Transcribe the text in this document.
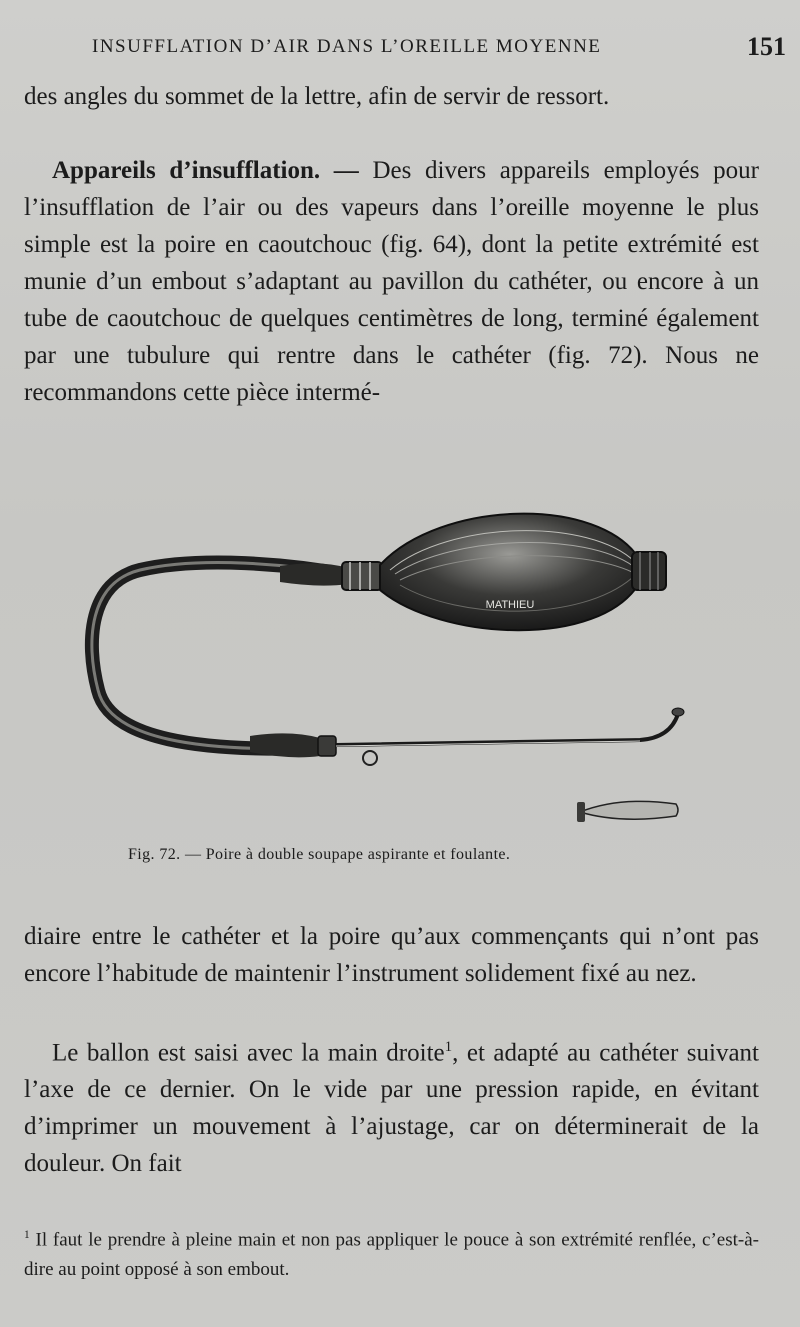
INSUFFLATION D’AIR DANS L’OREILLE MOYENNE	151
des angles du sommet de la lettre, afin de servir de ressort.
Appareils d’insufflation. — Des divers appareils employés pour l’insufflation de l’air ou des vapeurs dans l’oreille moyenne le plus simple est la poire en caoutchouc (fig. 64), dont la petite extrémité est munie d’un embout s’adaptant au pavillon du cathéter, ou encore à un tube de caoutchouc de quelques centimètres de long, terminé également par une tubulure qui rentre dans le cathéter (fig. 72). Nous ne recommandons cette pièce intermé-
MATHIEU
Fig. 72. — Poire à double soupape aspirante et foulante.
diaire entre le cathéter et la poire qu’aux commençants qui n’ont pas encore l’habitude de maintenir l’instrument solidement fixé au nez.
Le ballon est saisi avec la main droite$^1$, et adapté au cathéter suivant l’axe de ce dernier. On le vide par une pression rapide, en évitant d’imprimer un mouvement à l’ajustage, car on déterminerait de la douleur. On fait
$^1$ Il faut le prendre à pleine main et non pas appliquer le pouce à son extrémité renflée, c’est-à-dire au point opposé à son embout.
